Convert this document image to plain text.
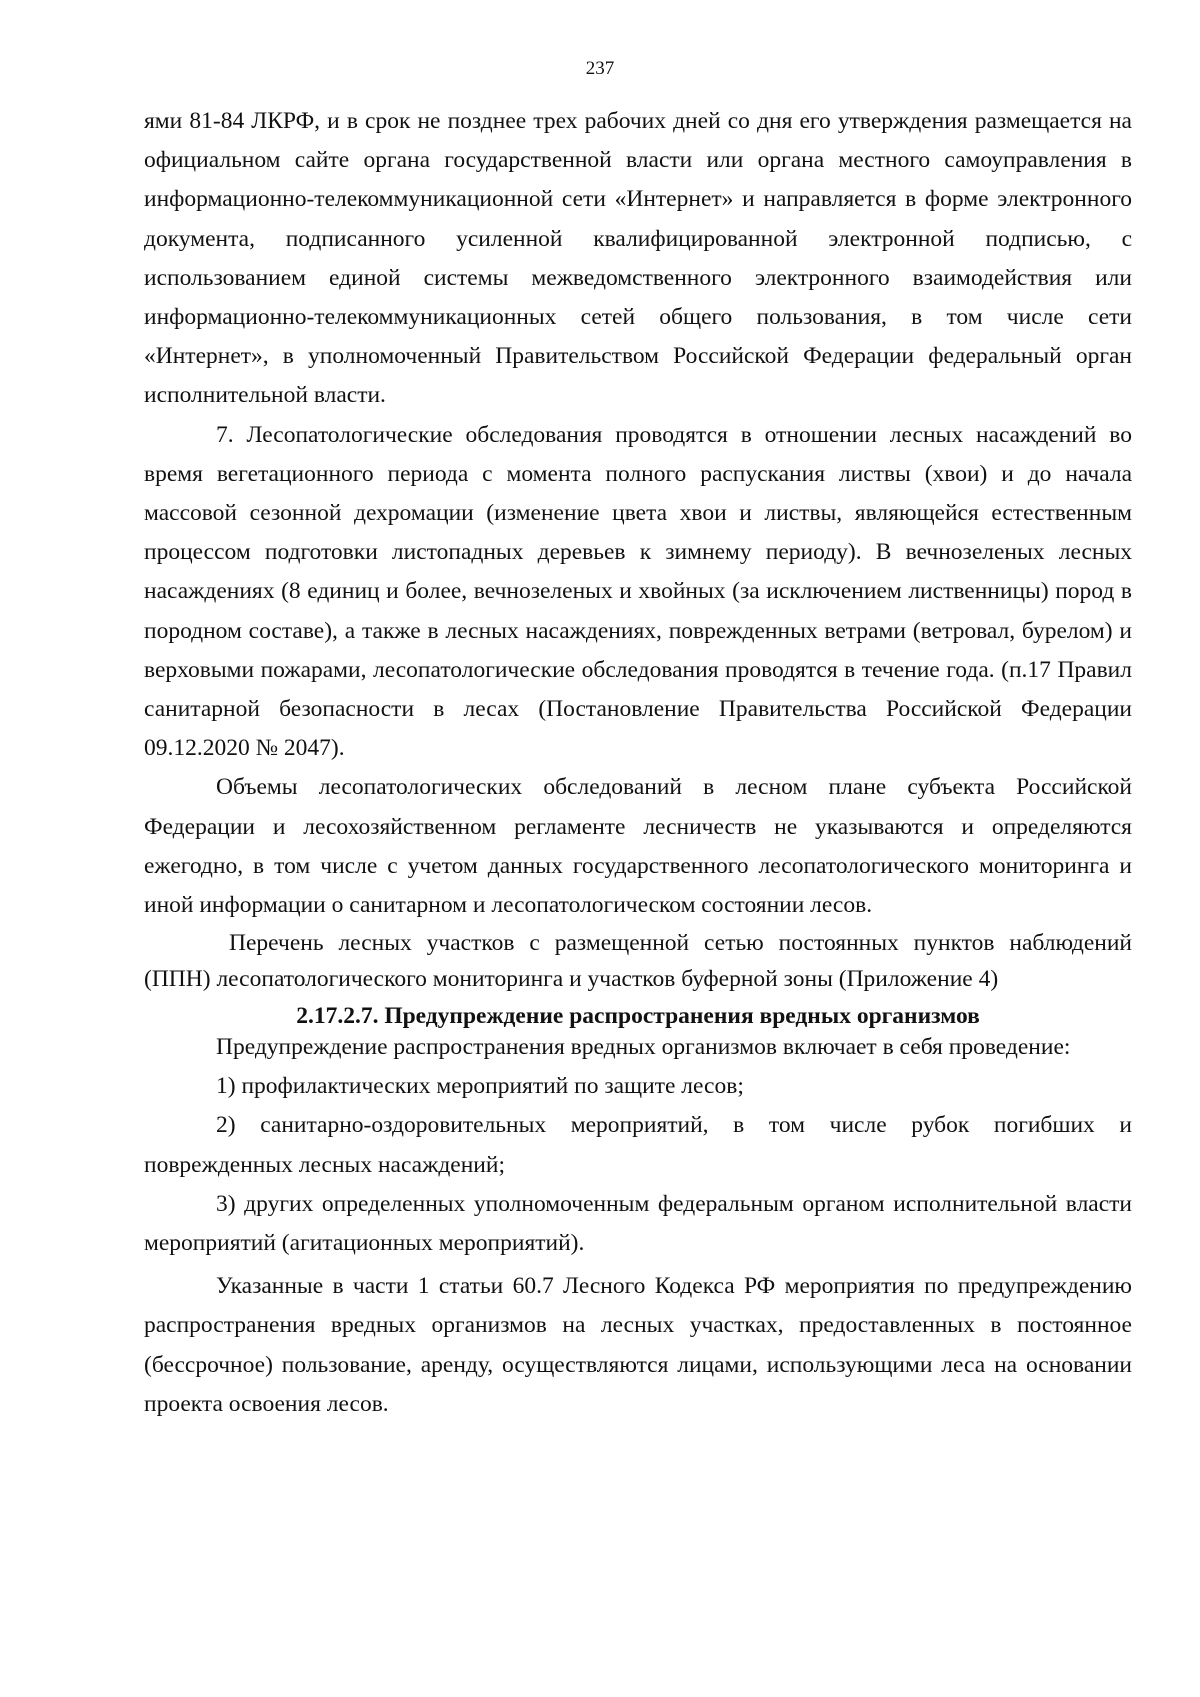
237

ями 81-84 ЛКРФ, и в срок не позднее трех рабочих дней со дня его утверждения размещается на официальном сайте органа государственной власти или органа местного самоуправления в информационно-телекоммуникационной сети «Интернет» и направляется в форме электронного документа, подписанного усиленной квалифицированной электронной подписью, с использованием единой системы межведомственного электронного взаимодействия или информационно-телекоммуникационных сетей общего пользования, в том числе сети «Интернет», в уполномоченный Правительством Российской Федерации федеральный орган исполнительной власти.

7. Лесопатологические обследования проводятся в отношении лесных насаждений во время вегетационного периода с момента полного распускания листвы (хвои) и до начала массовой сезонной дехромации (изменение цвета хвои и листвы, являющейся естественным процессом подготовки листопадных деревьев к зимнему периоду). В вечнозеленых лесных насаждениях (8 единиц и более, вечнозеленых и хвойных (за исключением лиственницы) пород в породном составе), а также в лесных насаждениях, поврежденных ветрами (ветровал, бурелом) и верховыми пожарами, лесопатологические обследования проводятся в течение года. (п.17 Правил санитарной безопасности в лесах (Постановление Правительства Российской Федерации 09.12.2020 № 2047).

Объемы лесопатологических обследований в лесном плане субъекта Российской Федерации и лесохозяйственном регламенте лесничеств не указываются и определяются ежегодно, в том числе с учетом данных государственного лесопатологического мониторинга и иной информации о санитарном и лесопатологическом состоянии лесов.

Перечень лесных участков с размещенной сетью постоянных пунктов наблюдений (ППН) лесопатологического мониторинга и участков буферной зоны (Приложение 4)

2.17.2.7. Предупреждение распространения вредных организмов

Предупреждение распространения вредных организмов включает в себя проведение:

1) профилактических мероприятий по защите лесов;

2) санитарно-оздоровительных мероприятий, в том числе рубок погибших и поврежденных лесных насаждений;

3) других определенных уполномоченным федеральным органом исполнительной власти мероприятий (агитационных мероприятий).

Указанные в части 1 статьи 60.7 Лесного Кодекса РФ мероприятия по предупреждению распространения вредных организмов на лесных участках, предоставленных в постоянное (бессрочное) пользование, аренду, осуществляются лицами, использующими леса на основании проекта освоения лесов.
